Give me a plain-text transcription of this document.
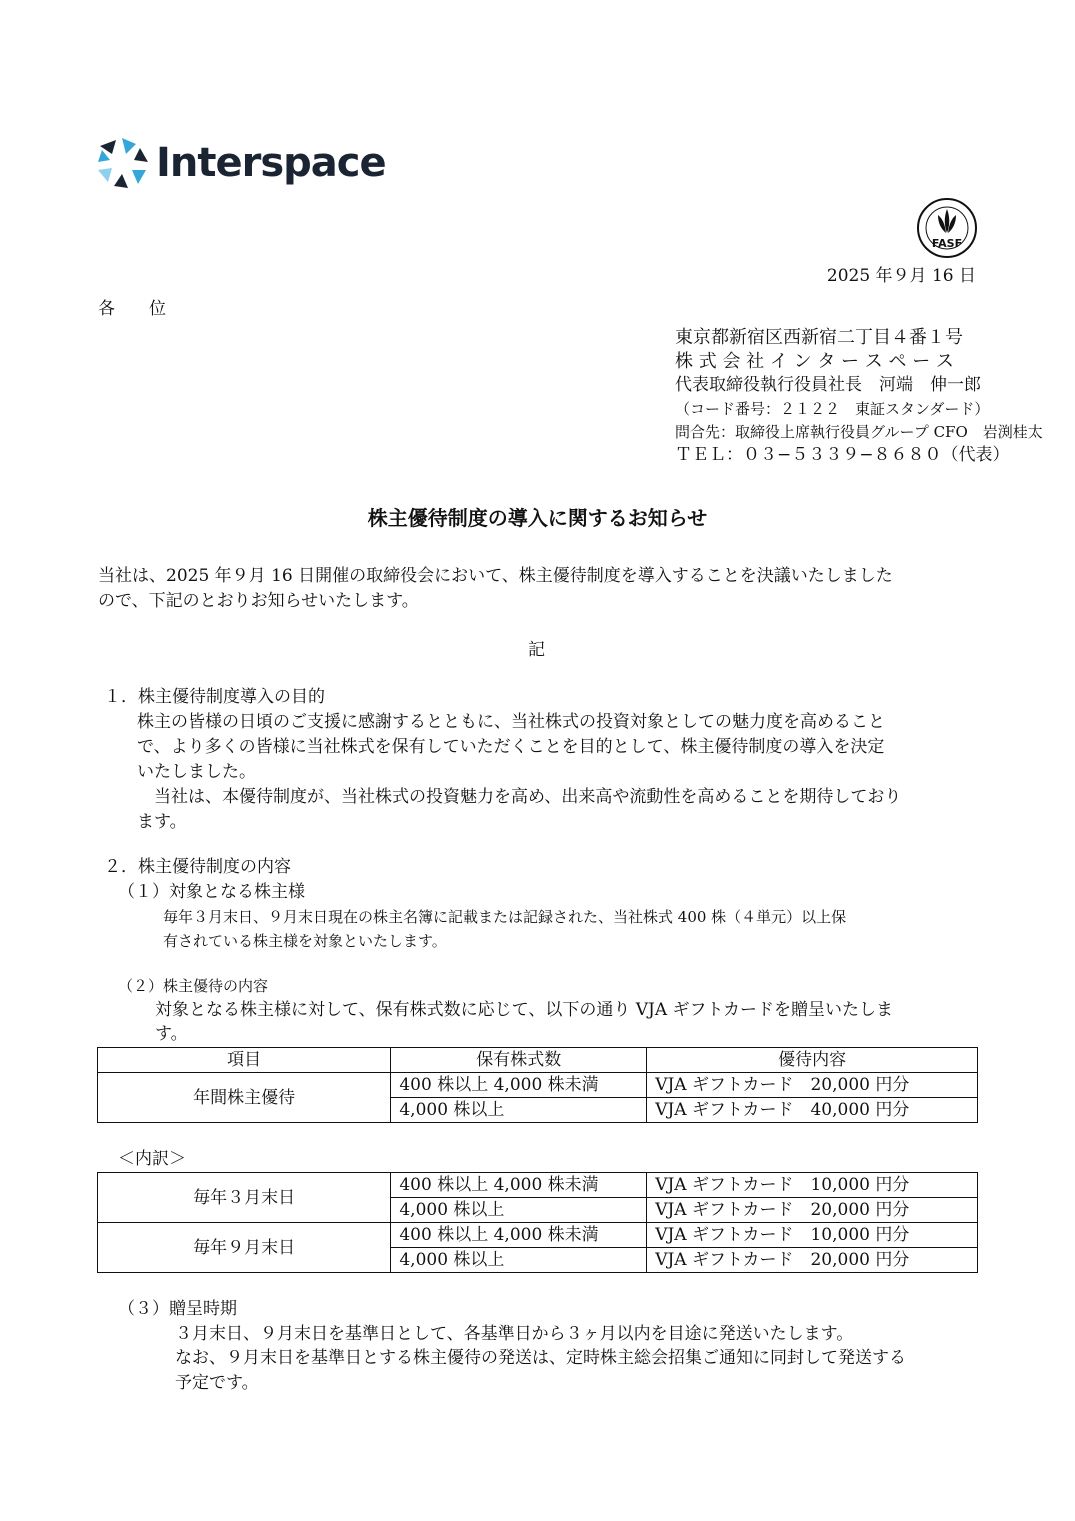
Interspace
FASF
2025 年９月 16 日
各　　位
東京都新宿区西新宿二丁目４番１号
株 式 会 社 イ ン タ ー ス ペ ー ス
代表取締役執行役員社長　河端　伸一郎
（コード番号：２１２２　東証スタンダード）
問合先：取締役上席執行役員グループ CFO　岩渕桂太
ＴＥＬ：０３−５３３９−８６８０（代表）
株主優待制度の導入に関するお知らせ
当社は、2025 年９月 16 日開催の取締役会において、株主優待制度を導入することを決議いたしました
ので、下記のとおりお知らせいたします。
記
１．株主優待制度導入の目的
株主の皆様の日頃のご支援に感謝するとともに、当社株式の投資対象としての魅力度を高めること
で、より多くの皆様に当社株式を保有していただくことを目的として、株主優待制度の導入を決定
いたしました。
　当社は、本優待制度が、当社株式の投資魅力を高め、出来高や流動性を高めることを期待しており
ます。
２．株主優待制度の内容
（１）対象となる株主様
毎年３月末日、９月末日現在の株主名簿に記載または記録された、当社株式 400 株（４単元）以上保
有されている株主様を対象といたします。
（２）株主優待の内容
対象となる株主様に対して、保有株式数に応じて、以下の通り VJA ギフトカードを贈呈いたしま
す。
項目	保有株式数	優待内容
年間株主優待	400 株以上 4,000 株未満	VJA ギフトカード　20,000 円分
	4,000 株以上	VJA ギフトカード　40,000 円分
＜内訳＞
毎年３月末日	400 株以上 4,000 株未満	VJA ギフトカード　10,000 円分
	4,000 株以上	VJA ギフトカード　20,000 円分
毎年９月末日	400 株以上 4,000 株未満	VJA ギフトカード　10,000 円分
	4,000 株以上	VJA ギフトカード　20,000 円分
（３）贈呈時期
３月末日、９月末日を基準日として、各基準日から３ヶ月以内を目途に発送いたします。
なお、９月末日を基準日とする株主優待の発送は、定時株主総会招集ご通知に同封して発送する
予定です。
